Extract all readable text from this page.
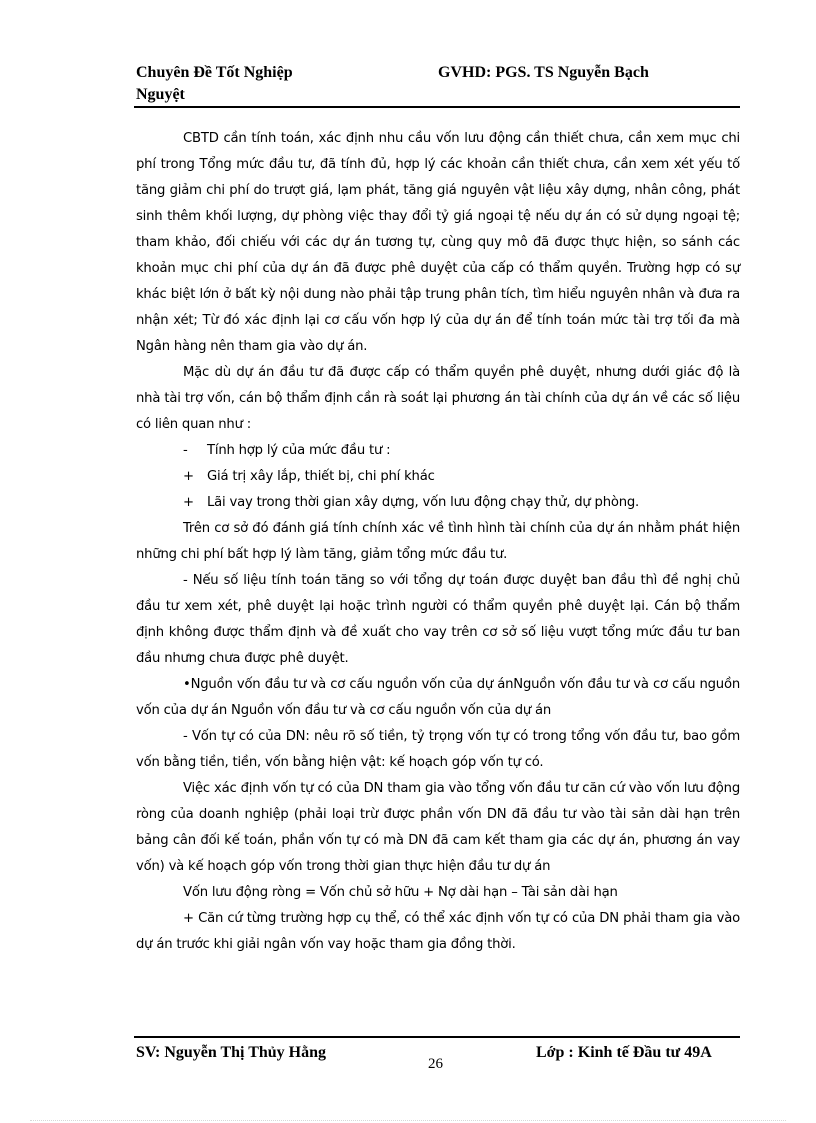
Chuyên Đề Tốt Nghiệp
Nguyệt
GVHD: PGS. TS Nguyễn Bạch

CBTD cần tính toán, xác định nhu cầu vốn lưu động cần thiết chưa, cần xem mục chi phí trong Tổng mức đầu tư, đã tính đủ, hợp lý các khoản cần thiết chưa, cần xem xét yếu tố tăng giảm chi phí do trượt giá, lạm phát, tăng giá nguyên vật liệu xây dựng, nhân công, phát sinh thêm khối lượng, dự phòng việc thay đổi tỷ giá ngoại tệ nếu dự án có sử dụng ngoại tệ; tham khảo, đối chiếu với các dự án tương tự, cùng quy mô đã được thực hiện, so sánh các khoản mục chi phí của dự án đã được phê duyệt của cấp có thẩm quyền. Trường hợp có sự khác biệt lớn ở bất kỳ nội dung nào phải tập trung phân tích, tìm hiểu nguyên nhân và đưa ra nhận xét; Từ đó xác định lại cơ cấu vốn hợp lý của dự án để tính toán mức tài trợ tối đa mà Ngân hàng nên tham gia vào dự án.

Mặc dù dự án đầu tư đã được cấp có thẩm quyền phê duyệt, nhưng dưới giác độ là nhà tài trợ vốn, cán bộ thẩm định cần rà soát lại phương án tài chính của dự án về các số liệu có liên quan như :

- Tính hợp lý của mức đầu tư :

+ Giá trị xây lắp, thiết bị, chi phí khác

+ Lãi vay trong thời gian xây dựng, vốn lưu động chạy thử, dự phòng.

Trên cơ sở đó đánh giá tính chính xác về tình hình tài chính của dự án nhằm phát hiện những chi phí bất hợp lý làm tăng, giảm tổng mức đầu tư.

- Nếu số liệu tính toán tăng so với tổng dự toán được duyệt ban đầu thì đề nghị chủ đầu tư xem xét, phê duyệt lại hoặc trình người có thẩm quyền phê duyệt lại. Cán bộ thẩm định không được thẩm định và đề xuất cho vay trên cơ sở số liệu vượt tổng mức đầu tư ban đầu nhưng chưa được phê duyệt.

•Nguồn vốn đầu tư và cơ cấu nguồn vốn của dự ánNguồn vốn đầu tư và cơ cấu nguồn vốn của dự án Nguồn vốn đầu tư và cơ cấu nguồn vốn của dự án

- Vốn tự có của DN: nêu rõ số tiền, tỷ trọng vốn tự có trong tổng vốn đầu tư, bao gồm vốn bằng tiền, tiền, vốn bằng hiện vật: kế hoạch góp vốn tự có.

Việc xác định vốn tự có của DN tham gia vào tổng vốn đầu tư căn cứ vào vốn lưu động ròng của doanh nghiệp (phải loại trừ được phần vốn DN đã đầu tư vào tài sản dài hạn trên bảng cân đối kế toán, phần vốn tự có mà DN đã cam kết tham gia các dự án, phương án vay vốn) và kế hoạch góp vốn trong thời gian thực hiện đầu tư dự án

Vốn lưu động ròng = Vốn chủ sở hữu + Nợ dài hạn – Tài sản dài hạn

+ Căn cứ từng trường hợp cụ thể, có thể xác định vốn tự có của DN phải tham gia vào dự án trước khi giải ngân vốn vay hoặc tham gia đồng thời.

SV: Nguyễn Thị Thủy Hằng
26
Lớp : Kinh tế Đầu tư 49A
